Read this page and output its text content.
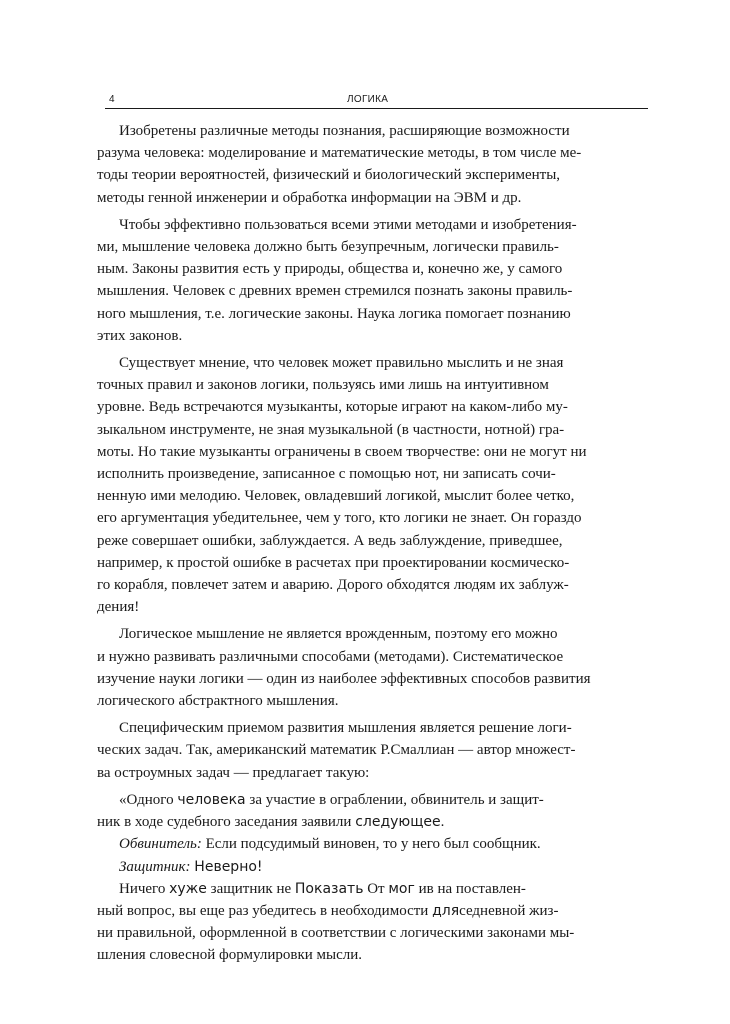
4	ЛОГИКА
Изобретены различные методы познания, расширяющие возможности
разума человека: моделирование и математические методы, в том числе ме-
тоды теории вероятностей, физический и биологический эксперименты,
методы генной инженерии и обработка информации на ЭВМ и др.
Чтобы эффективно пользоваться всеми этими методами и изобретения-
ми, мышление человека должно быть безупречным, логически правиль-
ным. Законы развития есть у природы, общества и, конечно же, у самого
мышления. Человек с древних времен стремился познать законы правиль-
ного мышления, т.е. логические законы. Наука логика помогает познанию
этих законов.
Существует мнение, что человек может правильно мыслить и не зная
точных правил и законов логики, пользуясь ими лишь на интуитивном
уровне. Ведь встречаются музыканты, которые играют на каком-либо му-
зыкальном инструменте, не зная музыкальной (в частности, нотной) гра-
моты. Но такие музыканты ограничены в своем творчестве: они не могут ни
исполнить произведение, записанное с помощью нот, ни записать сочи-
ненную ими мелодию. Человек, овладевший логикой, мыслит более четко,
его аргументация убедительнее, чем у того, кто логики не знает. Он гораздо
реже совершает ошибки, заблуждается. А ведь заблуждение, приведшее,
например, к простой ошибке в расчетах при проектировании космическо-
го корабля, повлечет затем и аварию. Дорого обходятся людям их заблуж-
дения!
Логическое мышление не является врожденным, поэтому его можно
и нужно развивать различными способами (методами). Систематическое
изучение науки логики — один из наиболее эффективных способов развития
логического абстрактного мышления.
Специфическим приемом развития мышления является решение логи-
ческих задач. Так, американский математик Р.Смаллиан — автор множест-
ва остроумных задач — предлагает такую:
«Одного человека за участие в ограблении, обвинитель и защит-
ник в ходе судебного заседания заявили следующее.
Обвинитель: Если подсудимый виновен, то у него был сообщник.
Защитник: Неверно!
Ничего хуже защитник не Показать От мог ив на поставлен-
ный вопрос, вы еще раз убедитесь в необходимости дляседневной жиз-
ни правильной, оформленной в соответствии с логическими законами мы-
шления словесной формулировки мысли.
